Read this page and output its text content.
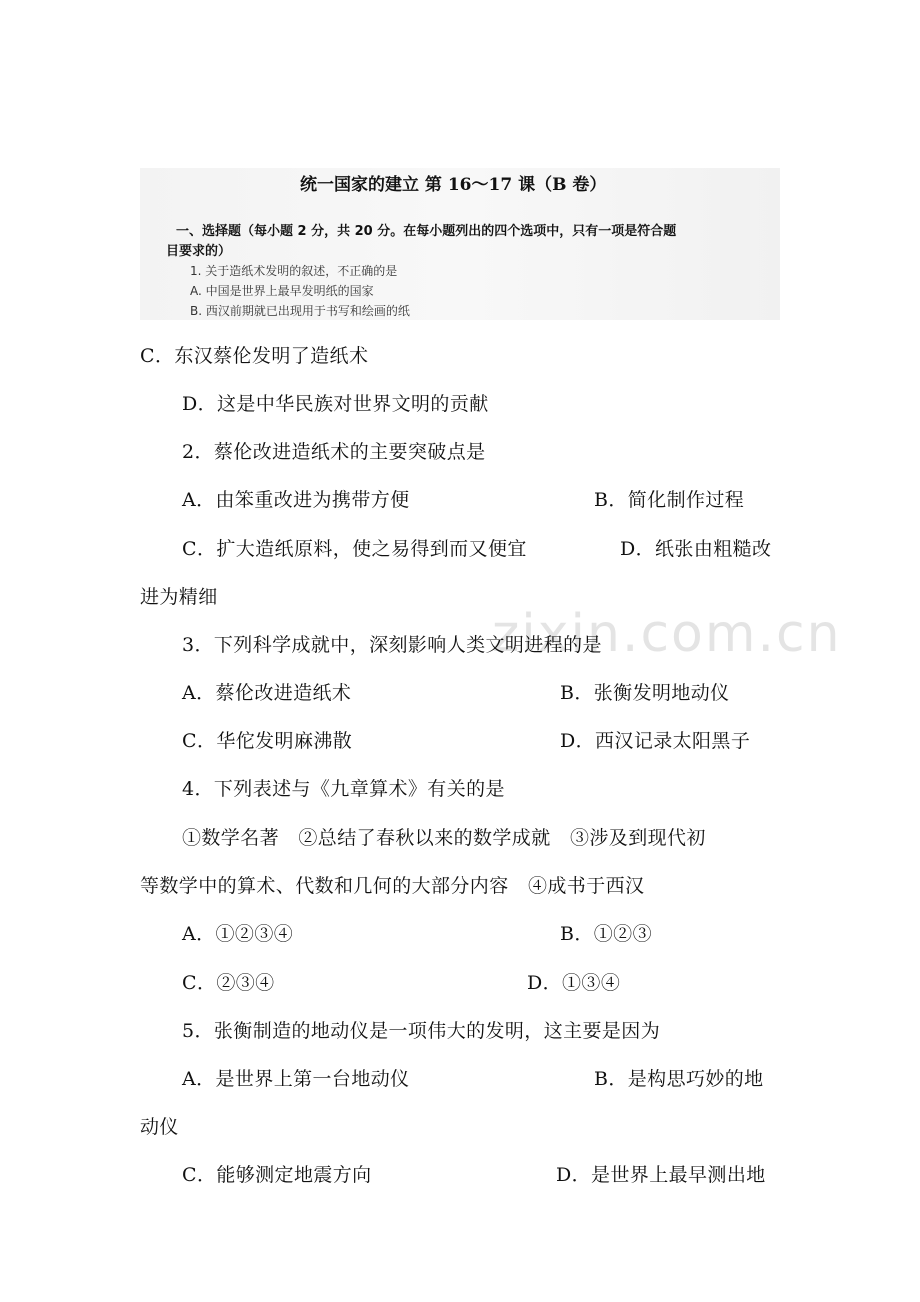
统一国家的建立 第 16～17 课（B 卷）
一、选择题（每小题 2 分，共 20 分。在每小题列出的四个选项中，只有一项是符合题
目要求的）
1. 关于造纸术发明的叙述，不正确的是
A. 中国是世界上最早发明纸的国家
B. 西汉前期就已出现用于书写和绘画的纸
zixin.com.cn
C．东汉蔡伦发明了造纸术
D．这是中华民族对世界文明的贡献
2．蔡伦改进造纸术的主要突破点是
A．由笨重改进为携带方便	B．简化制作过程
C．扩大造纸原料，使之易得到而又便宜	D．纸张由粗糙改
进为精细
3．下列科学成就中，深刻影响人类文明进程的是
A．蔡伦改进造纸术	B．张衡发明地动仪
C．华佗发明麻沸散	D．西汉记录太阳黑子
4．下列表述与《九章算术》有关的是
①数学名著　②总结了春秋以来的数学成就　③涉及到现代初
等数学中的算术、代数和几何的大部分内容　④成书于西汉
A．①②③④	B．①②③
C．②③④	D．①③④
5．张衡制造的地动仪是一项伟大的发明，这主要是因为
A．是世界上第一台地动仪	B．是构思巧妙的地
动仪
C．能够测定地震方向	D．是世界上最早测出地
